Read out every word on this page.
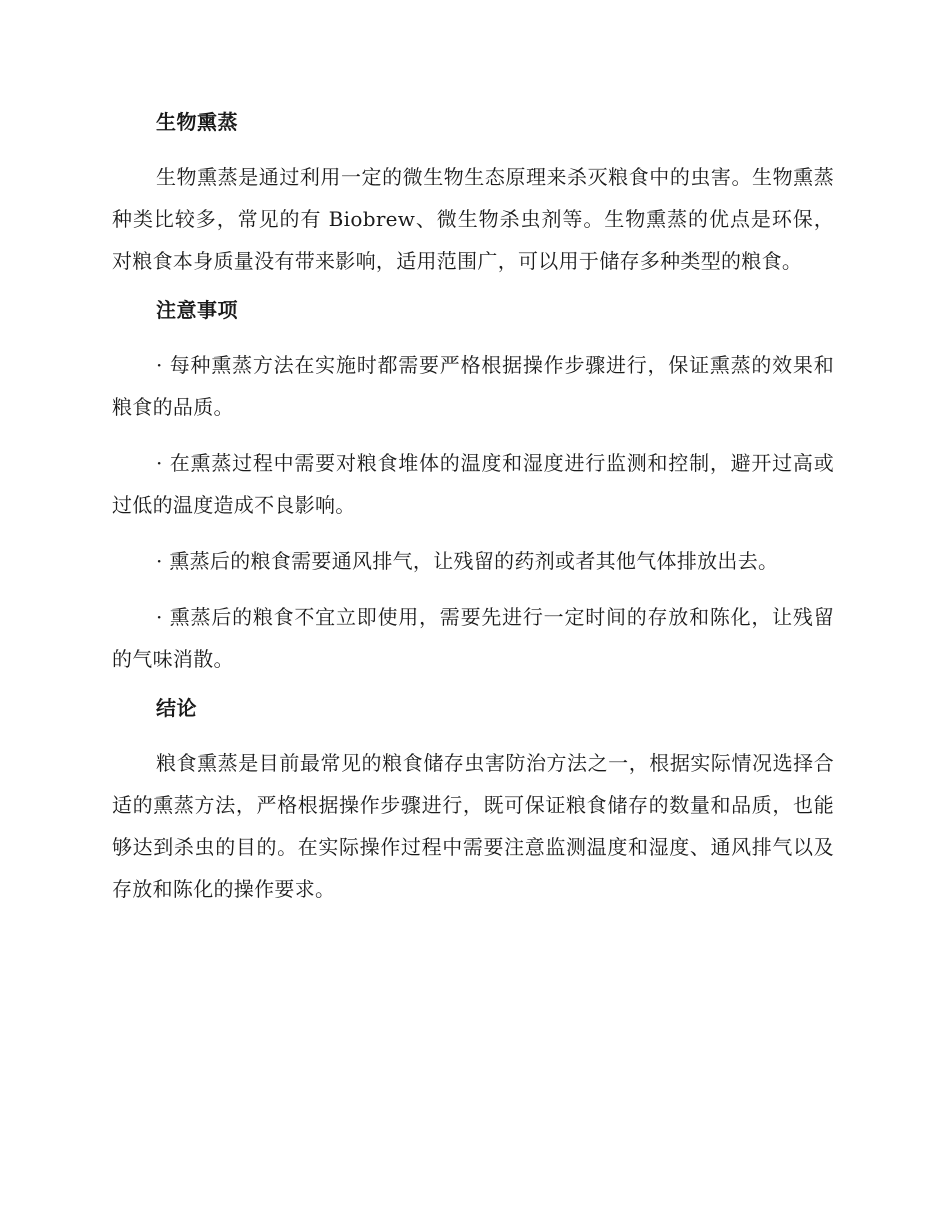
生物熏蒸

生物熏蒸是通过利用一定的微生物生态原理来杀灭粮食中的虫害。生物熏蒸种类比较多，常见的有 Biobrew、微生物杀虫剂等。生物熏蒸的优点是环保，对粮食本身质量没有带来影响，适用范围广，可以用于储存多种类型的粮食。

注意事项

· 每种熏蒸方法在实施时都需要严格根据操作步骤进行，保证熏蒸的效果和粮食的品质。

· 在熏蒸过程中需要对粮食堆体的温度和湿度进行监测和控制，避开过高或过低的温度造成不良影响。

· 熏蒸后的粮食需要通风排气，让残留的药剂或者其他气体排放出去。

· 熏蒸后的粮食不宜立即使用，需要先进行一定时间的存放和陈化，让残留的气味消散。

结论

粮食熏蒸是目前最常见的粮食储存虫害防治方法之一，根据实际情况选择合适的熏蒸方法，严格根据操作步骤进行，既可保证粮食储存的数量和品质，也能够达到杀虫的目的。在实际操作过程中需要注意监测温度和湿度、通风排气以及存放和陈化的操作要求。
